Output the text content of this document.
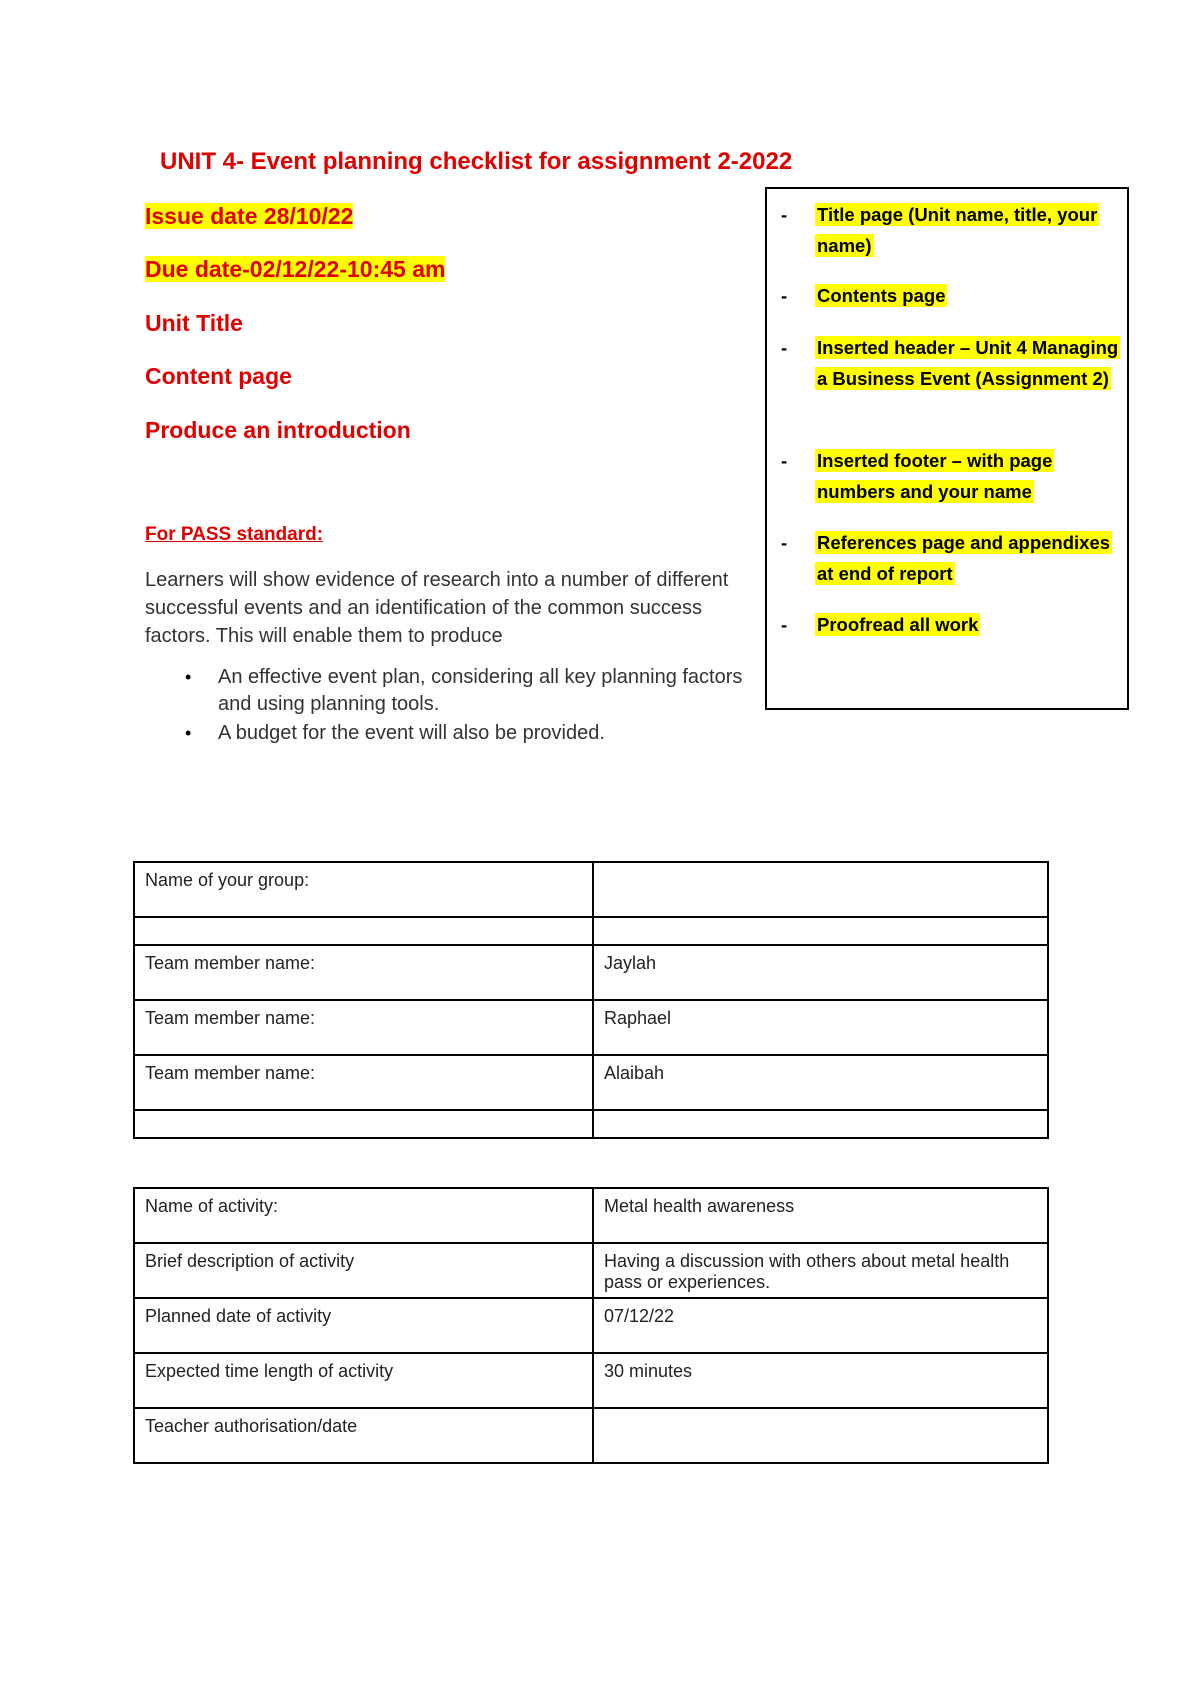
UNIT 4- Event planning checklist for assignment 2-2022
Issue date 28/10/22
Due date-02/12/22-10:45 am
Unit Title
Content page
Produce an introduction
For PASS standard:
Learners will show evidence of research into a number of different successful events and an identification of the common success factors. This will enable them to produce
• An effective event plan, considering all key planning factors and using planning tools.
• A budget for the event will also be provided.
- Title page (Unit name, title, your name)
- Contents page
- Inserted header – Unit 4 Managing a Business Event (Assignment 2)
- Inserted footer – with page numbers and your name
- References page and appendixes at end of report
- Proofread all work
Name of your group:	

Team member name:	Jaylah
Team member name:	Raphael
Team member name:	Alaibah

Name of activity:	Metal health awareness
Brief description of activity	Having a discussion with others about metal health pass or experiences.
Planned date of activity	07/12/22
Expected time length of activity	30 minutes
Teacher authorisation/date	
